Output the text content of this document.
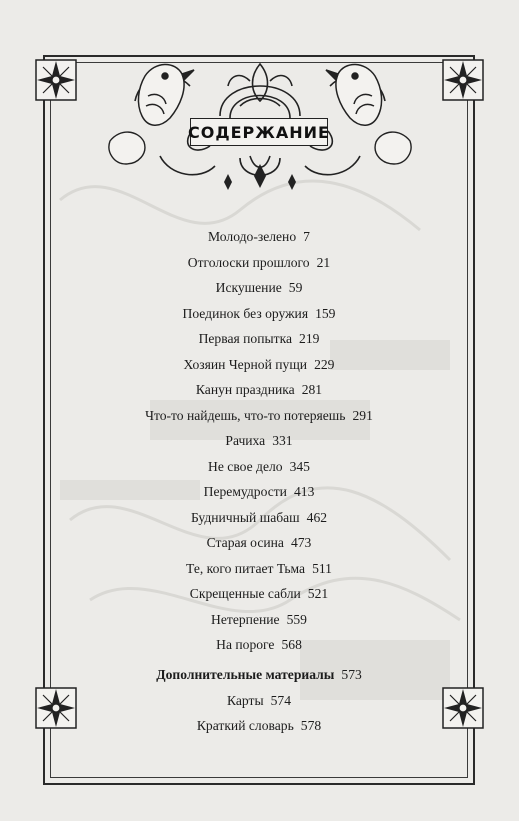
СОДЕРЖАНИЕ
Молодо-зелено 7
Отголоски прошлого 21
Искушение 59
Поединок без оружия 159
Первая попытка 219
Хозяин Черной пущи 229
Канун праздника 281
Что-то найдешь, что-то потеряешь 291
Рачиха 331
Не свое дело 345
Перемудрости 413
Будничный шабаш 462
Старая осина 473
Те, кого питает Тьма 511
Скрещенные сабли 521
Нетерпение 559
На пороге 568
Дополнительные материалы 573
Карты 574
Краткий словарь 578
